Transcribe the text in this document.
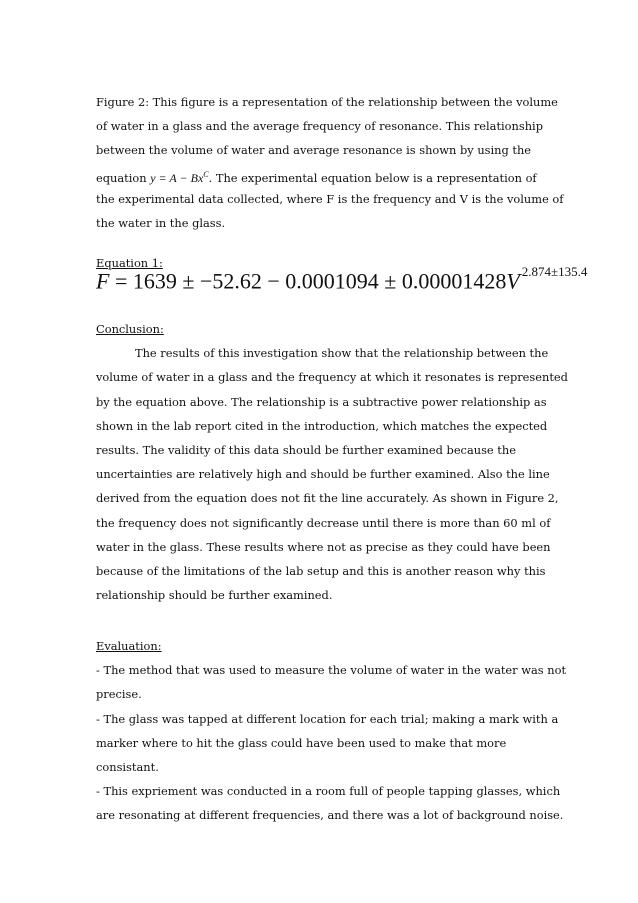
Figure 2: This figure is a representation of the relationship between the volume
of water in a glass and the average frequency of resonance. This relationship
between the volume of water and average resonance is shown by using the
equation $y = A - Bx^C$. The experimental equation below is a representation of
the experimental data collected, where F is the frequency and V is the volume of
the water in the glass.
Equation 1:
F = 1639 ± −52.62 − 0.0001094 ± 0.00001428V $^{2.874\pm 135.4}$
Conclusion:
The results of this investigation show that the relationship between the
volume of water in a glass and the frequency at which it resonates is represented
by the equation above. The relationship is a subtractive power relationship as
shown in the lab report cited in the introduction, which matches the expected
results. The validity of this data should be further examined because the
uncertainties are relatively high and should be further examined. Also the line
derived from the equation does not fit the line accurately. As shown in Figure 2,
the frequency does not significantly decrease until there is more than 60 ml of
water in the glass. These results where not as precise as they could have been
because of the limitations of the lab setup and this is another reason why this
relationship should be further examined.
Evaluation:
- The method that was used to measure the volume of water in the water was not
precise.
- The glass was tapped at different location for each trial; making a mark with a
marker where to hit the glass could have been used to make that more
consistant.
- This expriement was conducted in a room full of people tapping glasses, which
are resonating at different frequencies, and there was a lot of background noise.
